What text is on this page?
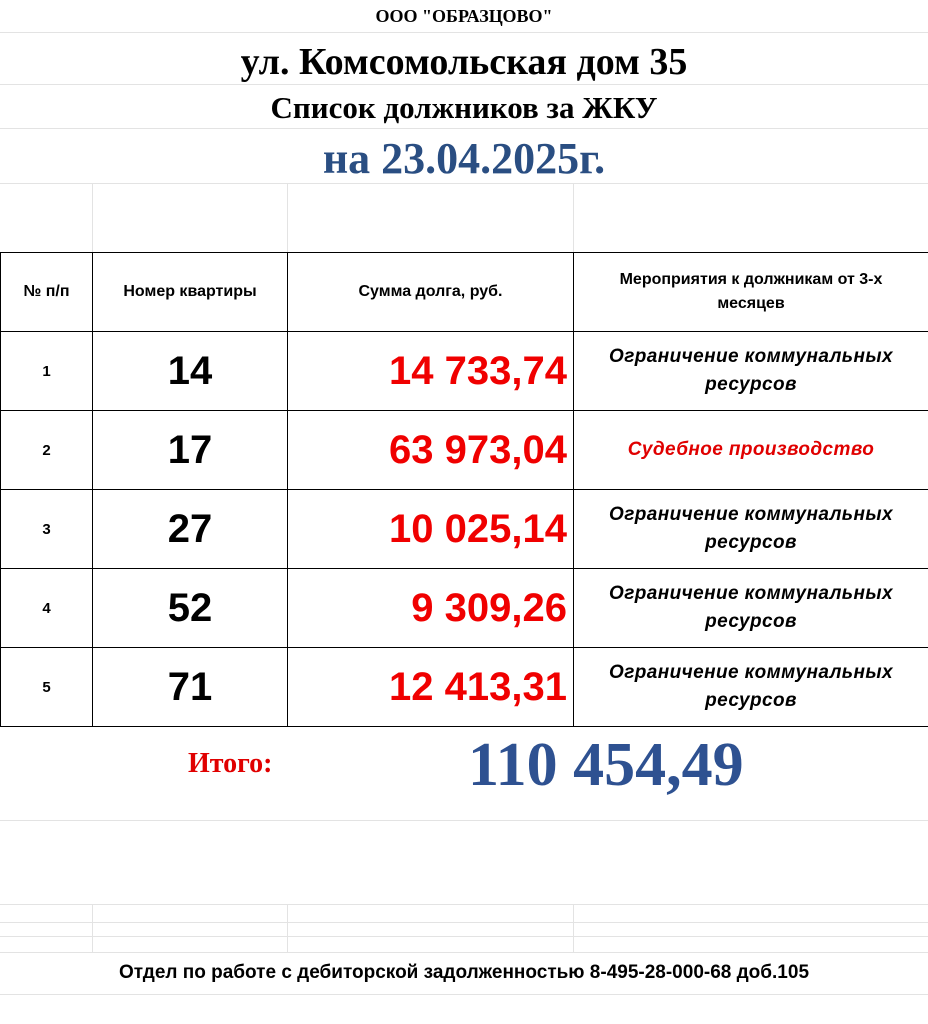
ООО "ОБРАЗЦОВО"
ул. Комсомольская дом 35
Список должников за ЖКУ
на 23.04.2025г.
№ п/п	Номер квартиры	Сумма долга, руб.	Мероприятия к должникам от 3-х месяцев
1	14	14 733,74	Ограничение коммунальных ресурсов
2	17	63 973,04	Судебное производство
3	27	10 025,14	Ограничение коммунальных ресурсов
4	52	9 309,26	Ограничение коммунальных ресурсов
5	71	12 413,31	Ограничение коммунальных ресурсов
Итого:	110 454,49
Отдел по работе с дебиторской задолженностью 8-495-28-000-68 доб.105
